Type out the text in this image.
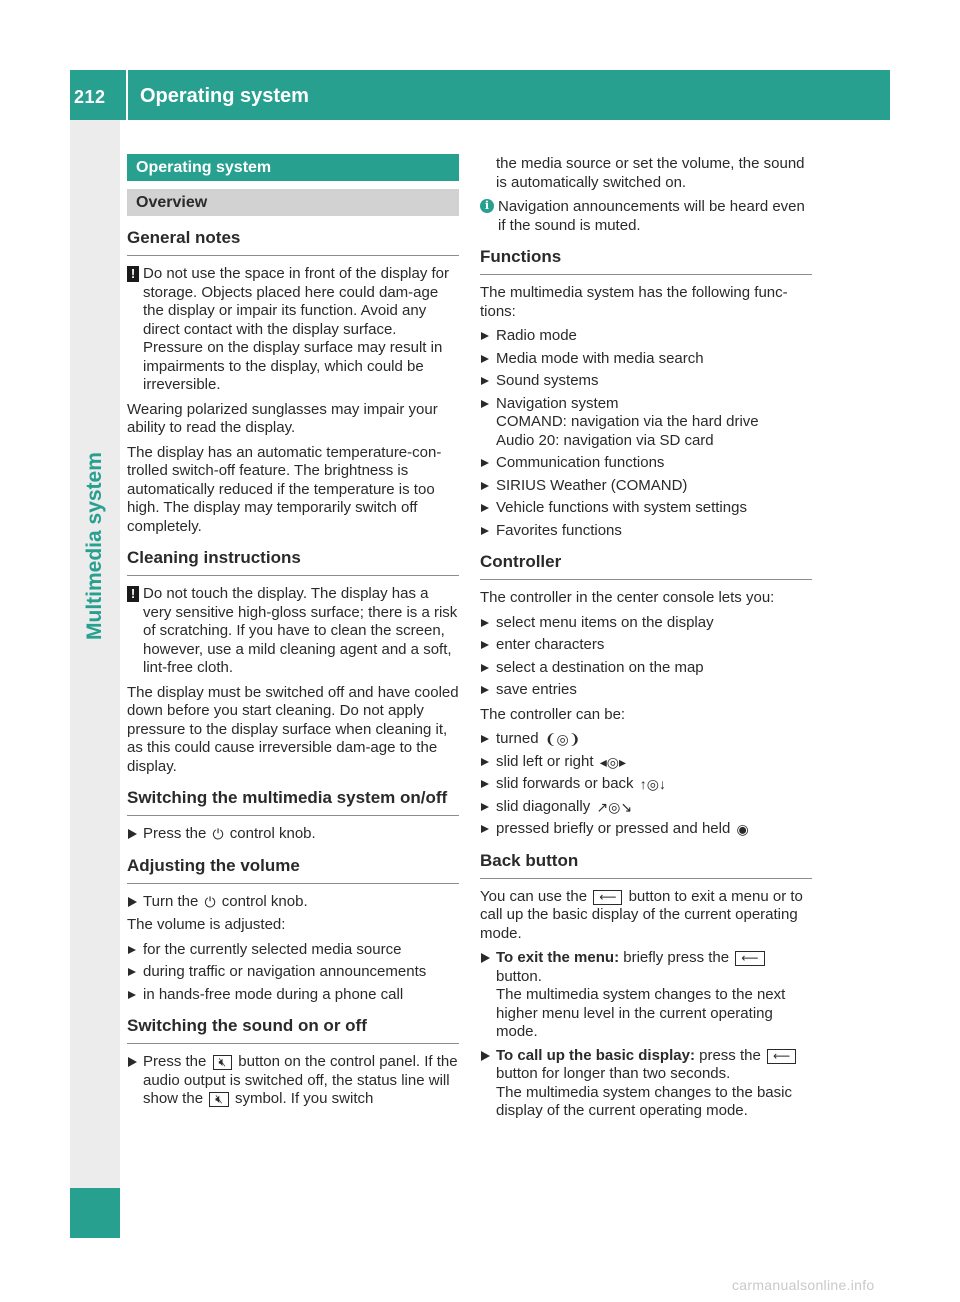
212	Operating system
Multimedia system
Operating system
Overview
General notes
! Do not use the space in front of the display for storage. Objects placed here could dam-age the display or impair its function. Avoid any direct contact with the display surface. Pressure on the display surface may result in impairments to the display, which could be irreversible.

Wearing polarized sunglasses may impair your ability to read the display.

The display has an automatic temperature-con-trolled switch-off feature. The brightness is automatically reduced if the temperature is too high. The display may temporarily switch off completely.

Cleaning instructions
! Do not touch the display. The display has a very sensitive high-gloss surface; there is a risk of scratching. If you have to clean the screen, however, use a mild cleaning agent and a soft, lint-free cloth.

The display must be switched off and have cooled down before you start cleaning. Do not apply pressure to the display surface when cleaning it, as this could cause irreversible dam-age to the display.

Switching the multimedia system on/off
Press the ⏻ control knob.
Adjusting the volume
Turn the ⏻ control knob.

The volume is adjusted:

for the currently selected media source
during traffic or navigation announcements
in hands-free mode during a phone call
Switching the sound on or off
Press the 🔇︎ button on the control panel. If the audio output is switched off, the status line will show the 🔇︎ symbol. If you switch

the media source or set the volume, the sound is automatically switched on.

i Navigation announcements will be heard even if the sound is muted.
Functions

The multimedia system has the following func-tions:

Radio mode
Media mode with media search
Sound systems
Navigation system
COMAND: navigation via the hard drive
Audio 20: navigation via SD card
Communication functions
SIRIUS Weather (COMAND)
Vehicle functions with system settings
Favorites functions
Controller

The controller in the center console lets you:

select menu items on the display
enter characters
select a destination on the map
save entries

The controller can be:

turned ❨◎❩
slid left or right ◂◎▸
slid forwards or back ↑◎↓
slid diagonally ↗◎↘
pressed briefly or pressed and held ◉
Back button

You can use the ⟵ button to exit a menu or to call up the basic display of the current operating mode.

To exit the menu: briefly press the ⟵ button.
The multimedia system changes to the next higher menu level in the current operating mode.
To call up the basic display: press the ⟵ button for longer than two seconds.
The multimedia system changes to the basic display of the current operating mode.
carmanualsonline.info
